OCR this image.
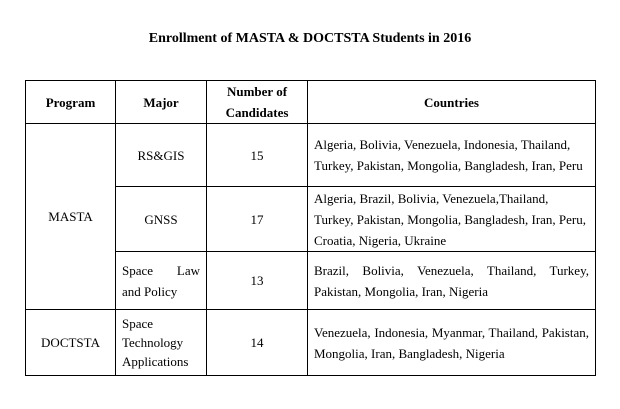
Enrollment of MASTA & DOCTSTA Students in 2016
Program	Major	Number of Candidates	Countries
MASTA	RS&GIS	15	Algeria, Bolivia, Venezuela, Indonesia, Thailand, Turkey, Pakistan, Mongolia, Bangladesh, Iran, Peru
	GNSS	17	Algeria, Brazil, Bolivia, Venezuela,Thailand, Turkey, Pakistan, Mongolia, Bangladesh, Iran, Peru, Croatia, Nigeria, Ukraine
	Space Law and Policy	13	Brazil, Bolivia, Venezuela, Thailand, Turkey, Pakistan, Mongolia, Iran, Nigeria
DOCTSTA	Space Technology Applications	14	Venezuela, Indonesia, Myanmar, Thailand, Pakistan, Mongolia, Iran, Bangladesh, Nigeria
